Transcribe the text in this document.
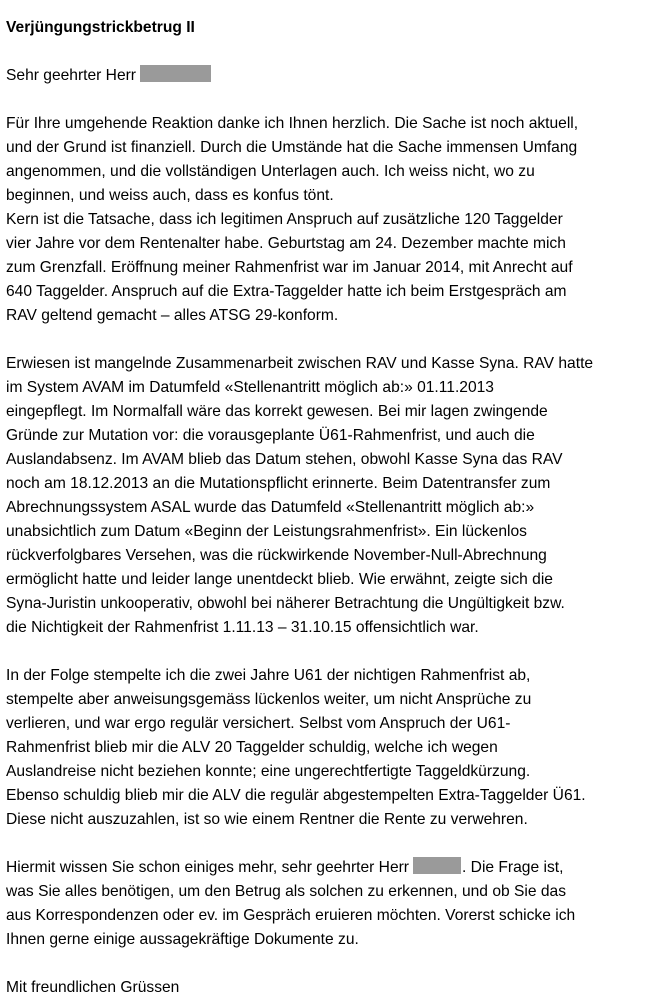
Verjüngungstrickbetrug II

Sehr geehrter Herr

Für Ihre umgehende Reaktion danke ich Ihnen herzlich. Die Sache ist noch aktuell,
und der Grund ist finanziell. Durch die Umstände hat die Sache immensen Umfang
angenommen, und die vollständigen Unterlagen auch. Ich weiss nicht, wo zu
beginnen, und weiss auch, dass es konfus tönt.
Kern ist die Tatsache, dass ich legitimen Anspruch auf zusätzliche 120 Taggelder
vier Jahre vor dem Rentenalter habe. Geburtstag am 24. Dezember machte mich
zum Grenzfall. Eröffnung meiner Rahmenfrist war im Januar 2014, mit Anrecht auf
640 Taggelder. Anspruch auf die Extra-Taggelder hatte ich beim Erstgespräch am
RAV geltend gemacht – alles ATSG 29-konform.

Erwiesen ist mangelnde Zusammenarbeit zwischen RAV und Kasse Syna. RAV hatte
im System AVAM im Datumfeld «Stellenantritt möglich ab:» 01.11.2013
eingepflegt. Im Normalfall wäre das korrekt gewesen. Bei mir lagen zwingende
Gründe zur Mutation vor: die vorausgeplante Ü61-Rahmenfrist, und auch die
Auslandabsenz. Im AVAM blieb das Datum stehen, obwohl Kasse Syna das RAV
noch am 18.12.2013 an die Mutationspflicht erinnerte. Beim Datentransfer zum
Abrechnungssystem ASAL wurde das Datumfeld «Stellenantritt möglich ab:»
unabsichtlich zum Datum «Beginn der Leistungsrahmenfrist». Ein lückenlos
rückverfolgbares Versehen, was die rückwirkende November-Null-Abrechnung
ermöglicht hatte und leider lange unentdeckt blieb. Wie erwähnt, zeigte sich die
Syna-Juristin unkooperativ, obwohl bei näherer Betrachtung die Ungültigkeit bzw.
die Nichtigkeit der Rahmenfrist 1.11.13 – 31.10.15 offensichtlich war.

In der Folge stempelte ich die zwei Jahre U61 der nichtigen Rahmenfrist ab,
stempelte aber anweisungsgemäss lückenlos weiter, um nicht Ansprüche zu
verlieren, und war ergo regulär versichert. Selbst vom Anspruch der U61-
Rahmenfrist blieb mir die ALV 20 Taggelder schuldig, welche ich wegen
Auslandreise nicht beziehen konnte; eine ungerechtfertigte Taggeldkürzung.
Ebenso schuldig blieb mir die ALV die regulär abgestempelten Extra-Taggelder Ü61.
Diese nicht auszuzahlen, ist so wie einem Rentner die Rente zu verwehren.

Hiermit wissen Sie schon einiges mehr, sehr geehrter Herr	. Die Frage ist,
was Sie alles benötigen, um den Betrug als solchen zu erkennen, und ob Sie das
aus Korrespondenzen oder ev. im Gespräch eruieren möchten. Vorerst schicke ich
Ihnen gerne einige aussagekräftige Dokumente zu.

Mit freundlichen Grüssen
